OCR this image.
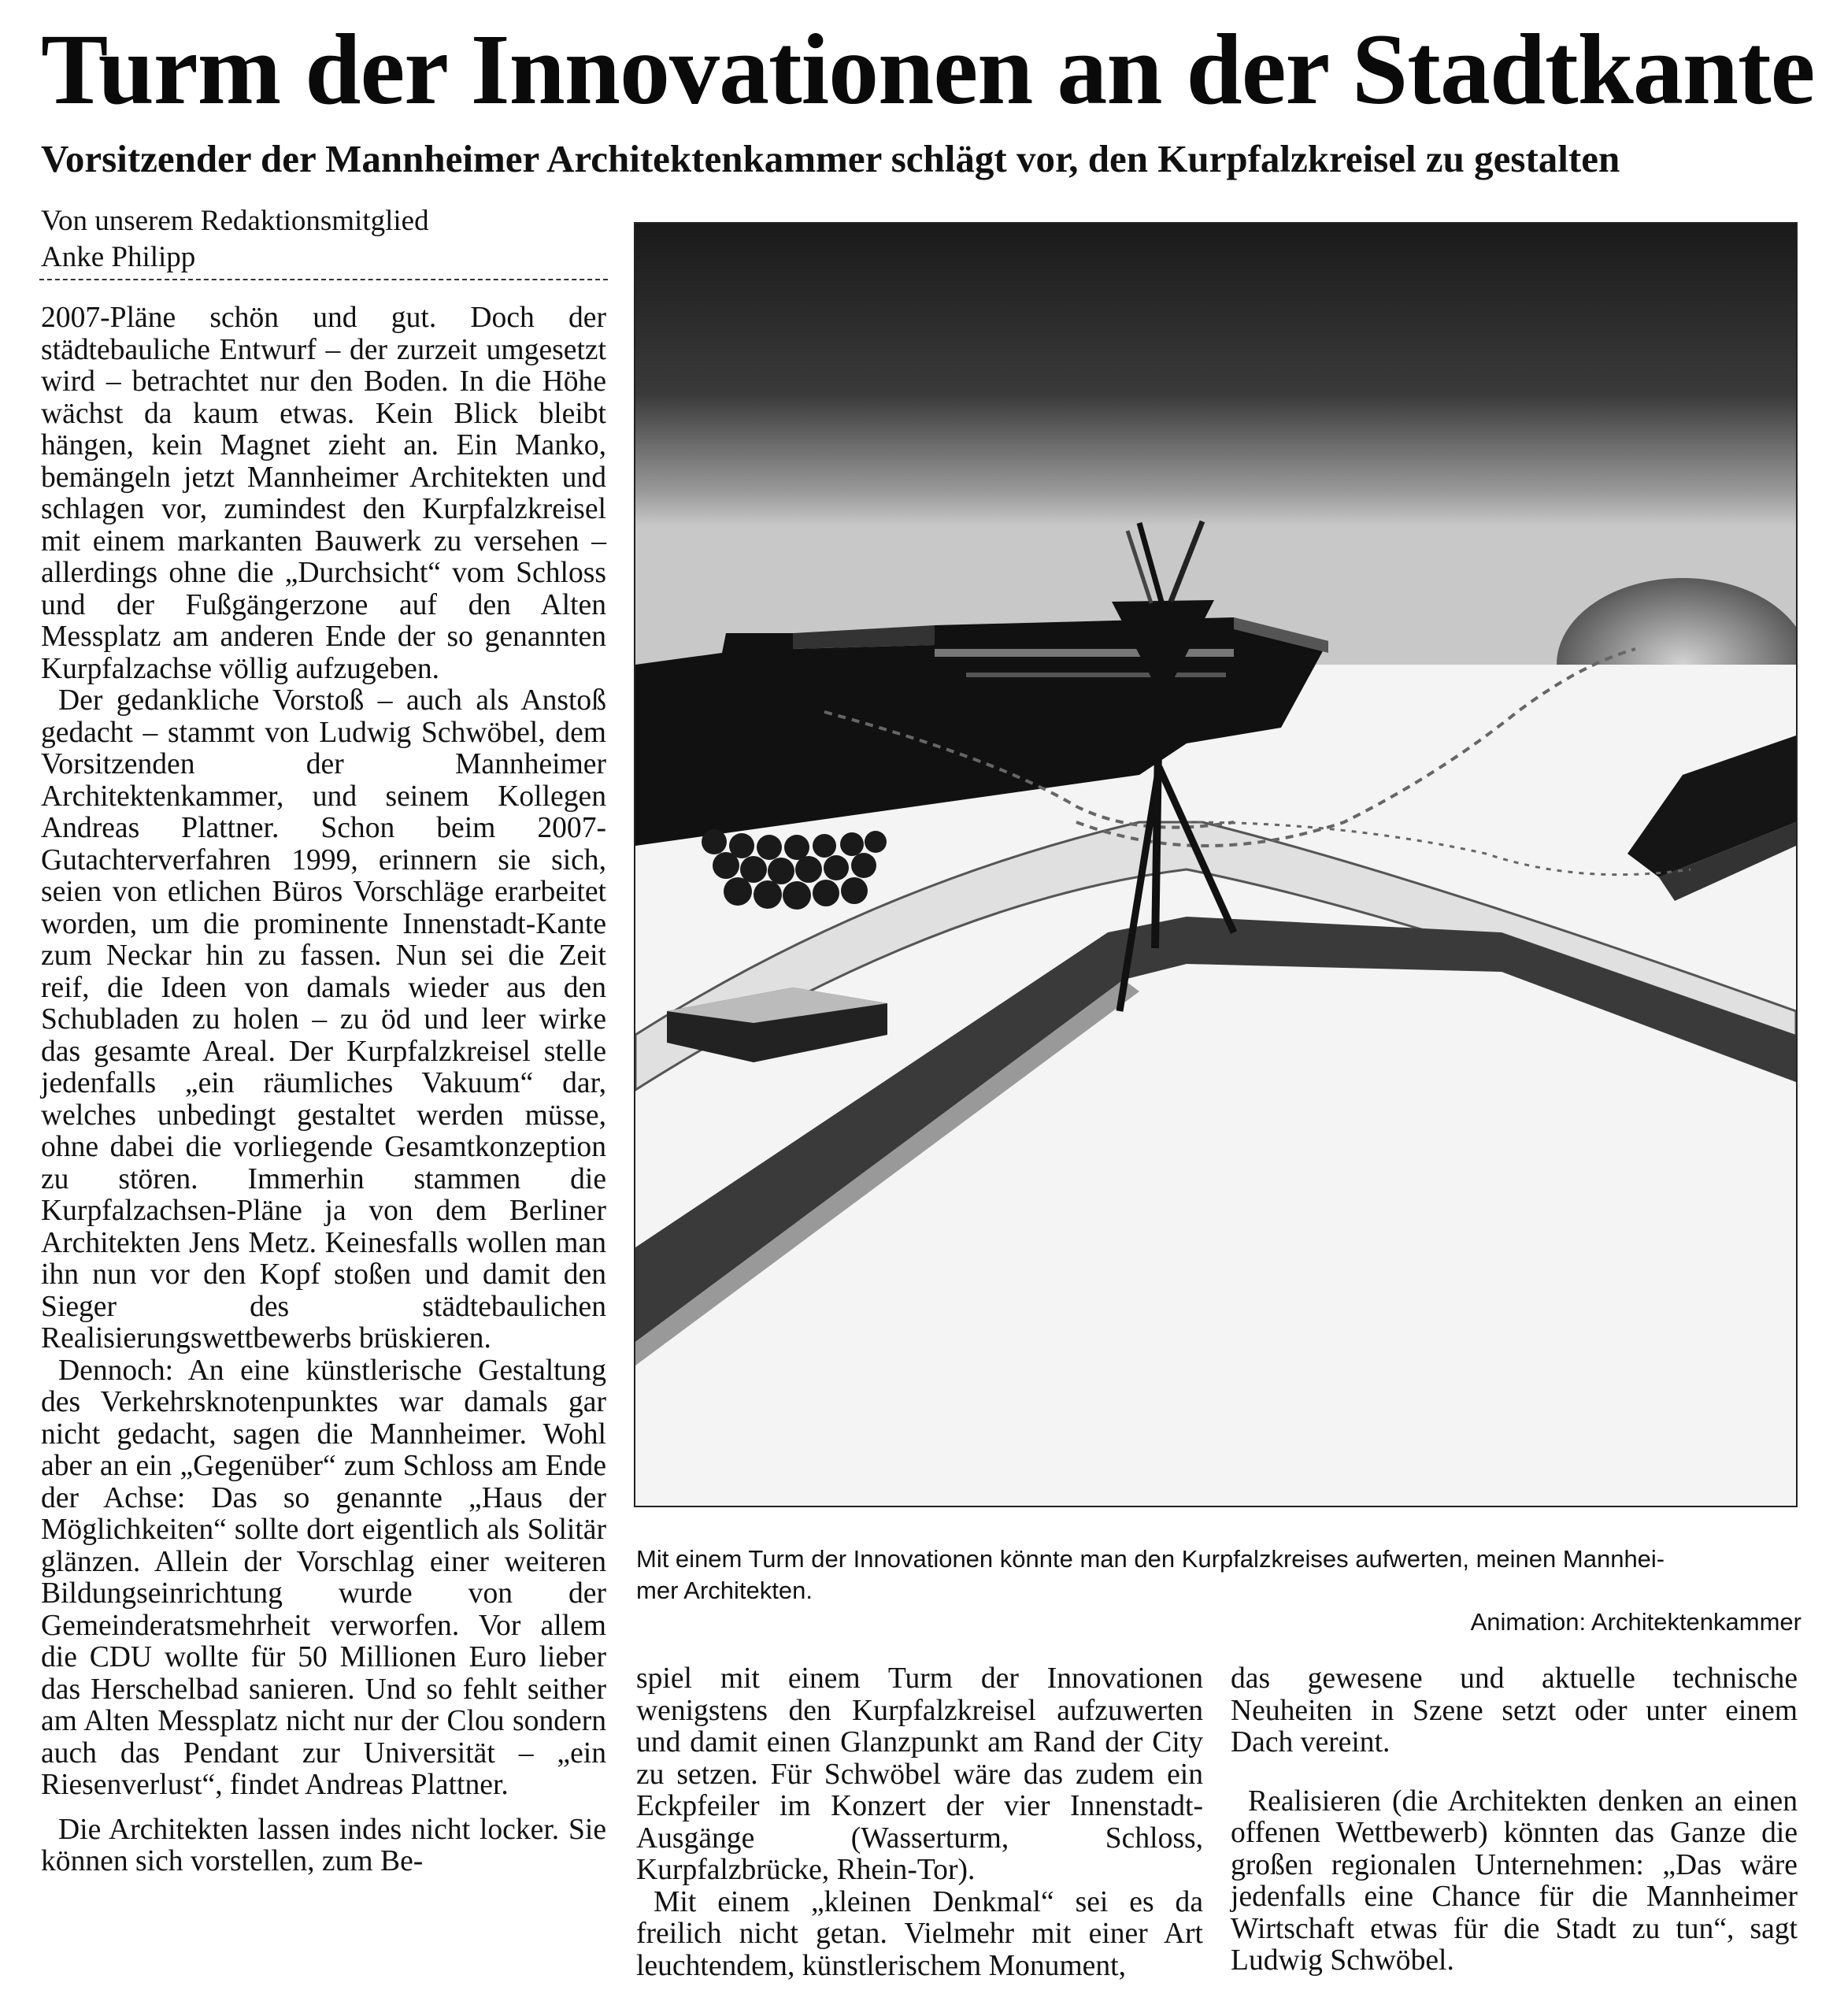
Turm der Innovationen an der Stadtkante
Vorsitzender der Mannheimer Architektenkammer schlägt vor, den Kurpfalzkreisel zu gestalten
Von unserem Redaktionsmitglied
Anke Philipp

2007-Pläne schön und gut. Doch der städtebauliche Entwurf – der zurzeit umgesetzt wird – betrachtet nur den Boden. In die Höhe wächst da kaum etwas. Kein Blick bleibt hängen, kein Magnet zieht an. Ein Manko, bemängeln jetzt Mannheimer Architekten und schlagen vor, zumindest den Kurpfalzkreisel mit einem markanten Bauwerk zu versehen – allerdings ohne die „Durchsicht“ vom Schloss und der Fußgängerzone auf den Alten Messplatz am anderen Ende der so genannten Kurpfalzachse völlig aufzugeben.

Der gedankliche Vorstoß – auch als Anstoß gedacht – stammt von Ludwig Schwöbel, dem Vorsitzenden der Mannheimer Architektenkammer, und seinem Kollegen Andreas Plattner. Schon beim 2007-Gutachterverfahren 1999, erinnern sie sich, seien von etlichen Büros Vorschläge erarbeitet worden, um die prominente Innenstadt-Kante zum Neckar hin zu fassen. Nun sei die Zeit reif, die Ideen von damals wieder aus den Schubladen zu holen – zu öd und leer wirke das gesamte Areal. Der Kurpfalzkreisel stelle jedenfalls „ein räumliches Vakuum“ dar, welches unbedingt gestaltet werden müsse, ohne dabei die vorliegende Gesamtkonzeption zu stören. Immerhin stammen die Kurpfalzachsen-Pläne ja von dem Berliner Architekten Jens Metz. Keinesfalls wollen man ihn nun vor den Kopf stoßen und damit den Sieger des städtebaulichen Realisierungswettbewerbs brüskieren.

Dennoch: An eine künstlerische Gestaltung des Verkehrsknotenpunktes war damals gar nicht gedacht, sagen die Mannheimer. Wohl aber an ein „Gegenüber“ zum Schloss am Ende der Achse: Das so genannte „Haus der Möglichkeiten“ sollte dort eigentlich als Solitär glänzen. Allein der Vorschlag einer weiteren Bildungseinrichtung wurde von der Gemeinderatsmehrheit verworfen. Vor allem die CDU wollte für 50 Millionen Euro lieber das Herschelbad sanieren. Und so fehlt seither am Alten Messplatz nicht nur der Clou sondern auch das Pendant zur Universität – „ein Riesenverlust“, findet Andreas Plattner.

Die Architekten lassen indes nicht locker. Sie können sich vorstellen, zum Be-

Mit einem Turm der Innovationen könnte man den Kurpfalzkreises aufwerten, meinen Mannhei-
mer Architekten.
Animation: Architektenkammer

spiel mit einem Turm der Innovationen wenigstens den Kurpfalzkreisel aufzuwerten und damit einen Glanzpunkt am Rand der City zu setzen. Für Schwöbel wäre das zudem ein Eckpfeiler im Konzert der vier Innenstadt-Ausgänge (Wasserturm, Schloss, Kurpfalzbrücke, Rhein-Tor).

Mit einem „kleinen Denkmal“ sei es da freilich nicht getan. Vielmehr mit einer Art leuchtendem, künstlerischem Monument,

das gewesene und aktuelle technische Neuheiten in Szene setzt oder unter einem Dach vereint.

Realisieren (die Architekten denken an einen offenen Wettbewerb) könnten das Ganze die großen regionalen Unternehmen: „Das wäre jedenfalls eine Chance für die Mannheimer Wirtschaft etwas für die Stadt zu tun“, sagt Ludwig Schwöbel.
